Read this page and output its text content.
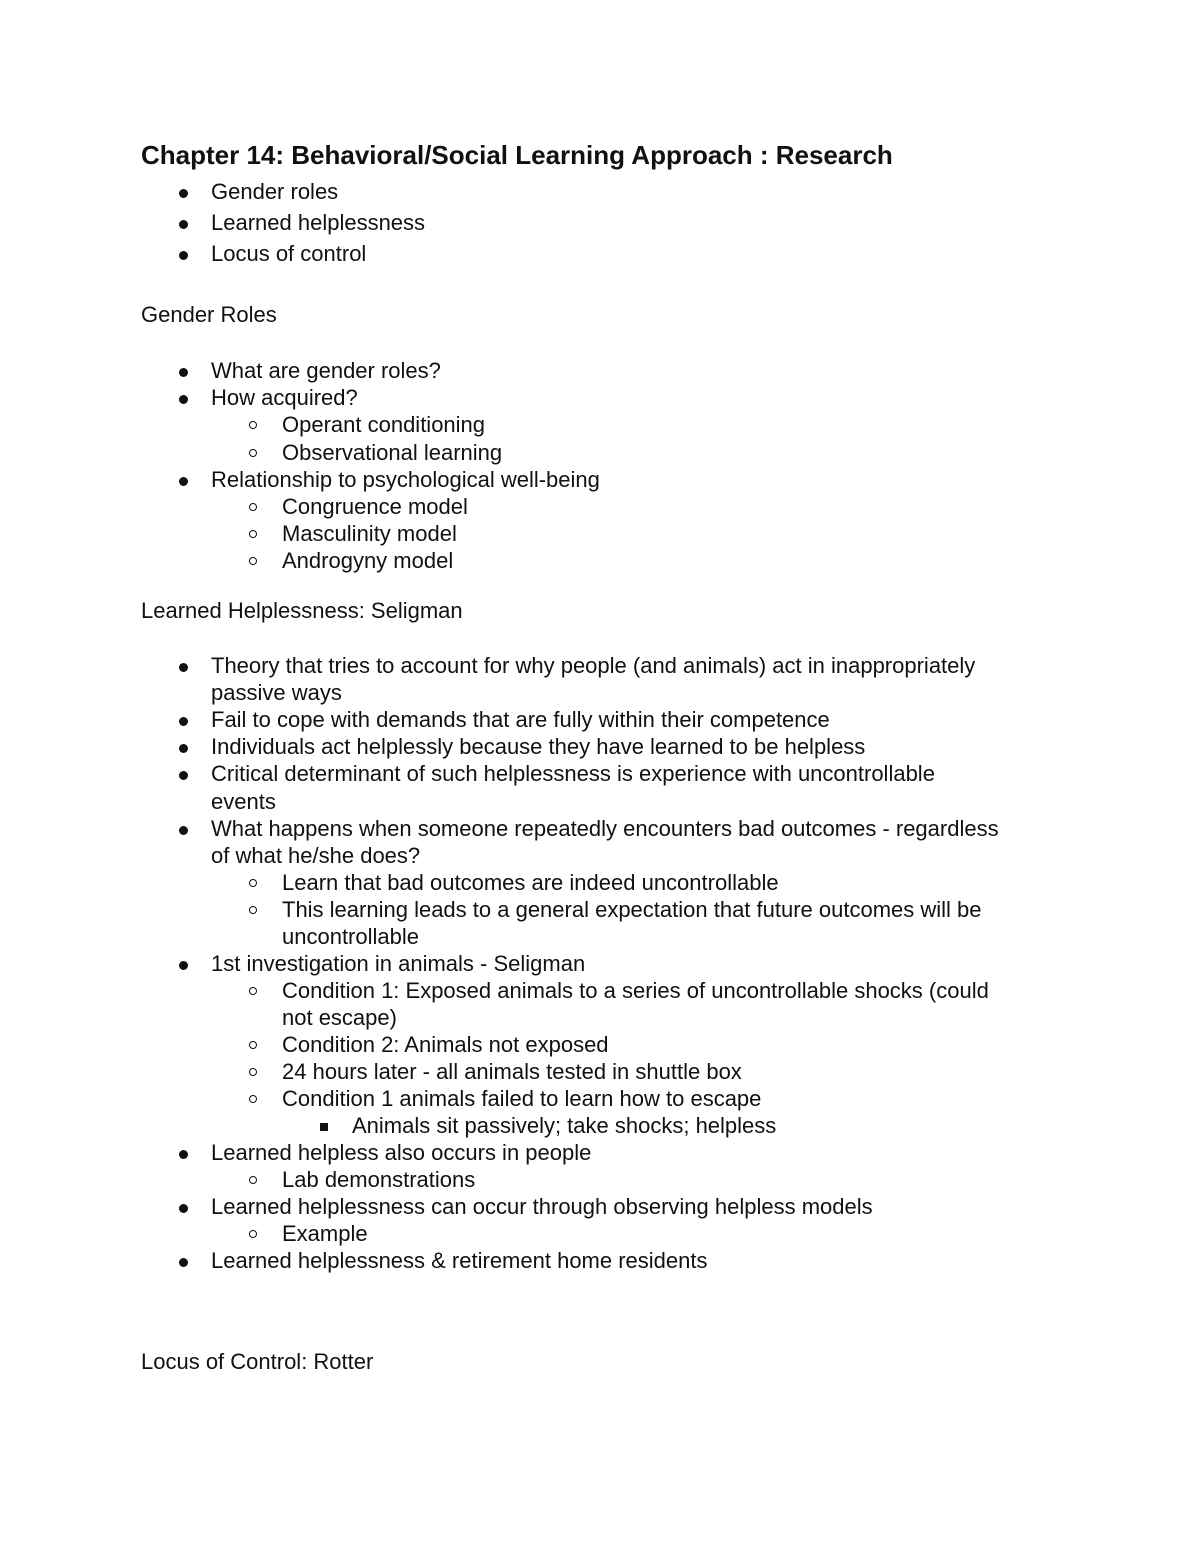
Chapter 14: Behavioral/Social Learning Approach : Research
Gender roles
Learned helplessness
Locus of control
Gender Roles
What are gender roles?
How acquired?
Operant conditioning
Observational learning
Relationship to psychological well-being
Congruence model
Masculinity model
Androgyny model
Learned Helplessness: Seligman
Theory that tries to account for why people (and animals) act in inappropriately
passive ways
Fail to cope with demands that are fully within their competence
Individuals act helplessly because they have learned to be helpless
Critical determinant of such helplessness is experience with uncontrollable
events
What happens when someone repeatedly encounters bad outcomes - regardless
of what he/she does?
Learn that bad outcomes are indeed uncontrollable
This learning leads to a general expectation that future outcomes will be
uncontrollable
1st investigation in animals - Seligman
Condition 1: Exposed animals to a series of uncontrollable shocks (could
not escape)
Condition 2: Animals not exposed
24 hours later - all animals tested in shuttle box
Condition 1 animals failed to learn how to escape
Animals sit passively; take shocks; helpless
Learned helpless also occurs in people
Lab demonstrations
Learned helplessness can occur through observing helpless models
Example
Learned helplessness & retirement home residents
Locus of Control: Rotter
